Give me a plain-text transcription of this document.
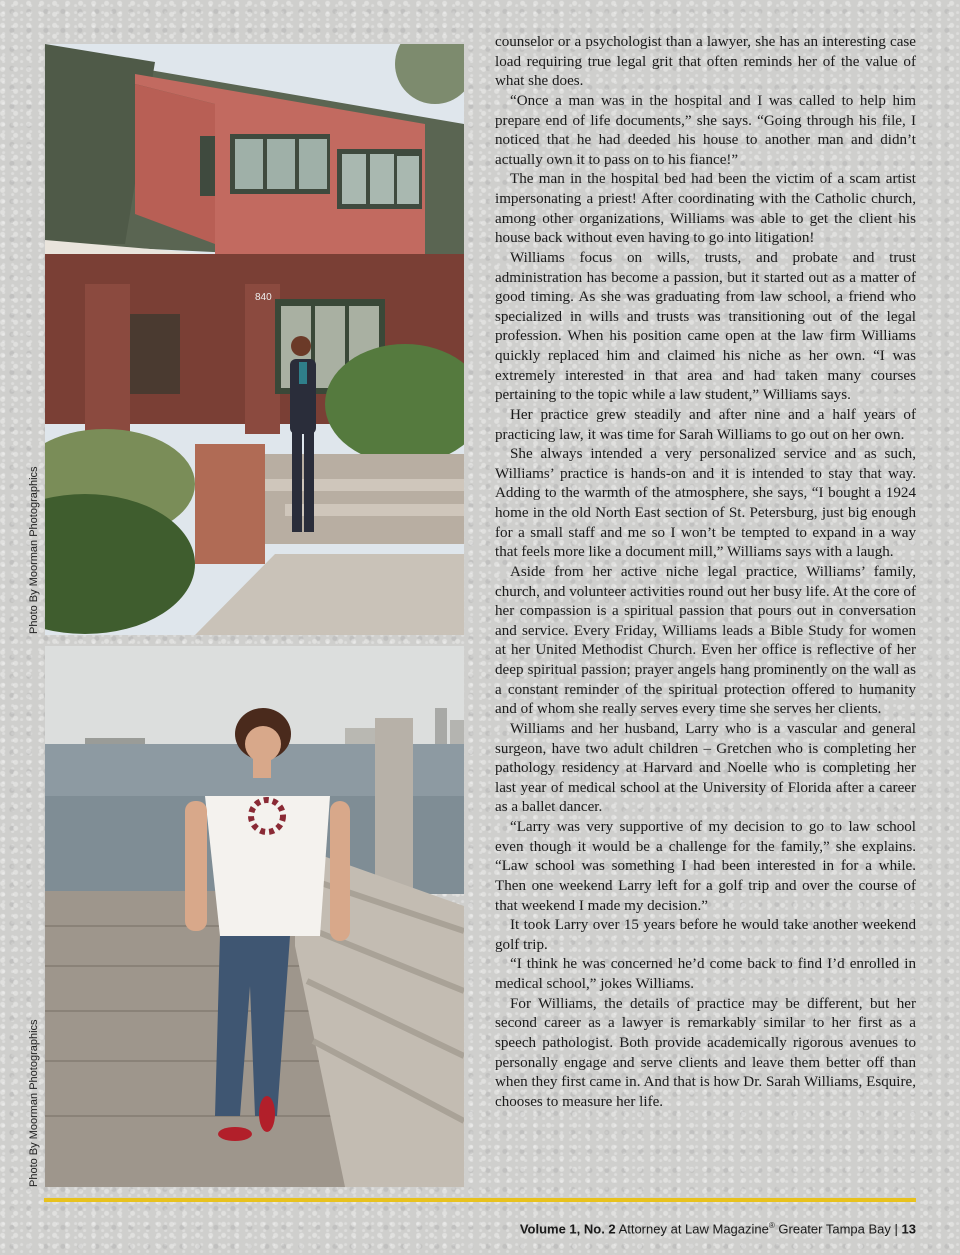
840
Photo By Moorman Photographics
Photo By Moorman Photographics

counselor or a psychologist than a lawyer, she has an interesting case load requiring true legal grit that often reminds her of the value of what she does.

“Once a man was in the hospital and I was called to help him prepare end of life documents,” she says. “Going through his file, I noticed that he had deeded his house to another man and didn’t actually own it to pass on to his fiance!”

The man in the hospital bed had been the victim of a scam artist impersonating a priest! After coordinating with the Catholic church, among other organizations, Williams was able to get the client his house back without even having to go into litigation!

Williams focus on wills, trusts, and probate and trust administration has become a passion, but it started out as a matter of good timing. As she was graduating from law school, a friend who specialized in wills and trusts was transitioning out of the legal profession. When his position came open at the law firm Williams quickly replaced him and claimed his niche as her own. “I was extremely interested in that area and had taken many courses pertaining to the topic while a law student,” Williams says.

Her practice grew steadily and after nine and a half years of practicing law, it was time for Sarah Williams to go out on her own.

She always intended a very personalized service and as such, Williams’ practice is hands-on and it is intended to stay that way. Adding to the warmth of the atmosphere, she says, “I bought a 1924 home in the old North East section of St. Petersburg, just big enough for a small staff and me so I won’t be tempted to expand in a way that feels more like a document mill,” Williams says with a laugh.

Aside from her active niche legal practice, Williams’ family, church, and volunteer activities round out her busy life. At the core of her compassion is a spiritual passion that pours out in conversation and service. Every Friday, Williams leads a Bible Study for women at her United Methodist Church. Even her office is reflective of her deep spiritual passion; prayer angels hang prominently on the wall as a constant reminder of the spiritual protection offered to humanity and of whom she really serves every time she serves her clients.

Williams and her husband, Larry who is a vascular and general surgeon, have two adult children – Gretchen who is completing her pathology residency at Harvard and Noelle who is completing her last year of medical school at the University of Florida after a career as a ballet dancer.

“Larry was very supportive of my decision to go to law school even though it would be a challenge for the family,” she explains. “Law school was something I had been interested in for a while. Then one weekend Larry left for a golf trip and over the course of that weekend I made my decision.”

It took Larry over 15 years before he would take another weekend golf trip.

“I think he was concerned he’d come back to find I’d enrolled in medical school,” jokes Williams.

For Williams, the details of practice may be different, but her second career as a lawyer is remarkably similar to her first as a speech pathologist. Both provide academically rigorous avenues to personally engage and serve clients and leave them better off than when they first came in. And that is how Dr. Sarah Williams, Esquire, chooses to measure her life.

Volume 1, No. 2 Attorney at Law Magazine® Greater Tampa Bay | 13
